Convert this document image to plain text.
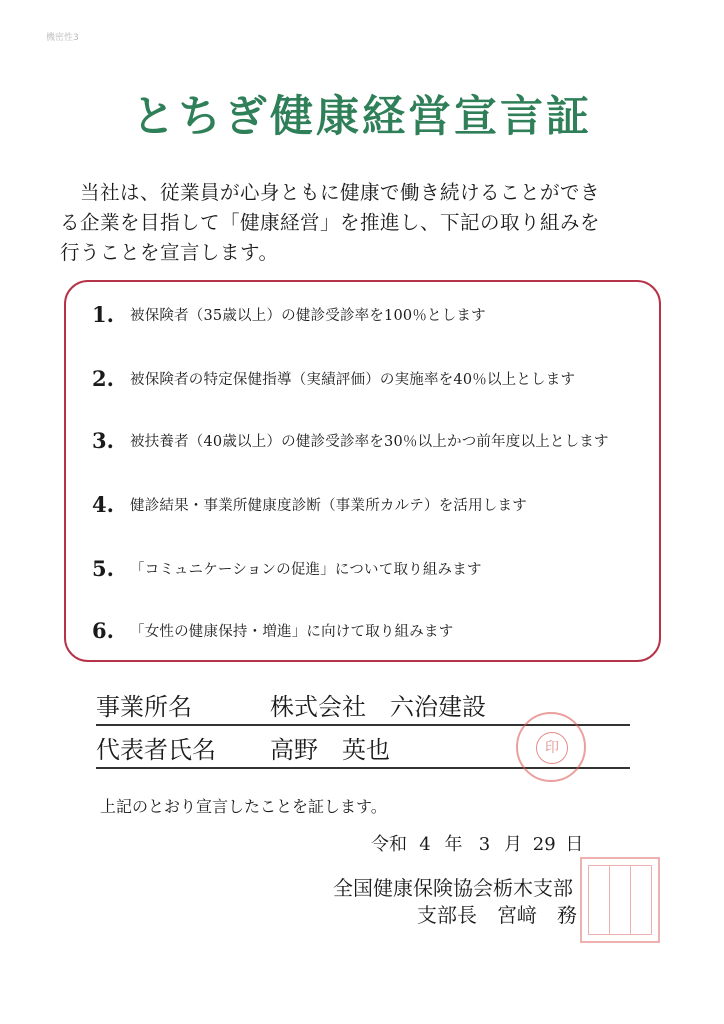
機密性3
とちぎ健康経営宣言証
当社は、従業員が心身ともに健康で働き続けることができ
る企業を目指して「健康経営」を推進し、下記の取り組みを
行うことを宣言します。
1.	被保険者（35歳以上）の健診受診率を100％とします
2.	被保険者の特定保健指導（実績評価）の実施率を40％以上とします
3.	被扶養者（40歳以上）の健診受診率を30％以上かつ前年度以上とします
4.	健診結果・事業所健康度診断（事業所カルテ）を活用します
5.	「コミュニケーションの促進」について取り組みます
6.	「女性の健康保持・増進」に向けて取り組みます
事業所名	株式会社　六治建設
代表者氏名 高野　英也	印
上記のとおり宣言したことを証します。
令和 4 年 3 月 29 日
全国健康保険協会栃木支部
支部長　宮﨑　務
